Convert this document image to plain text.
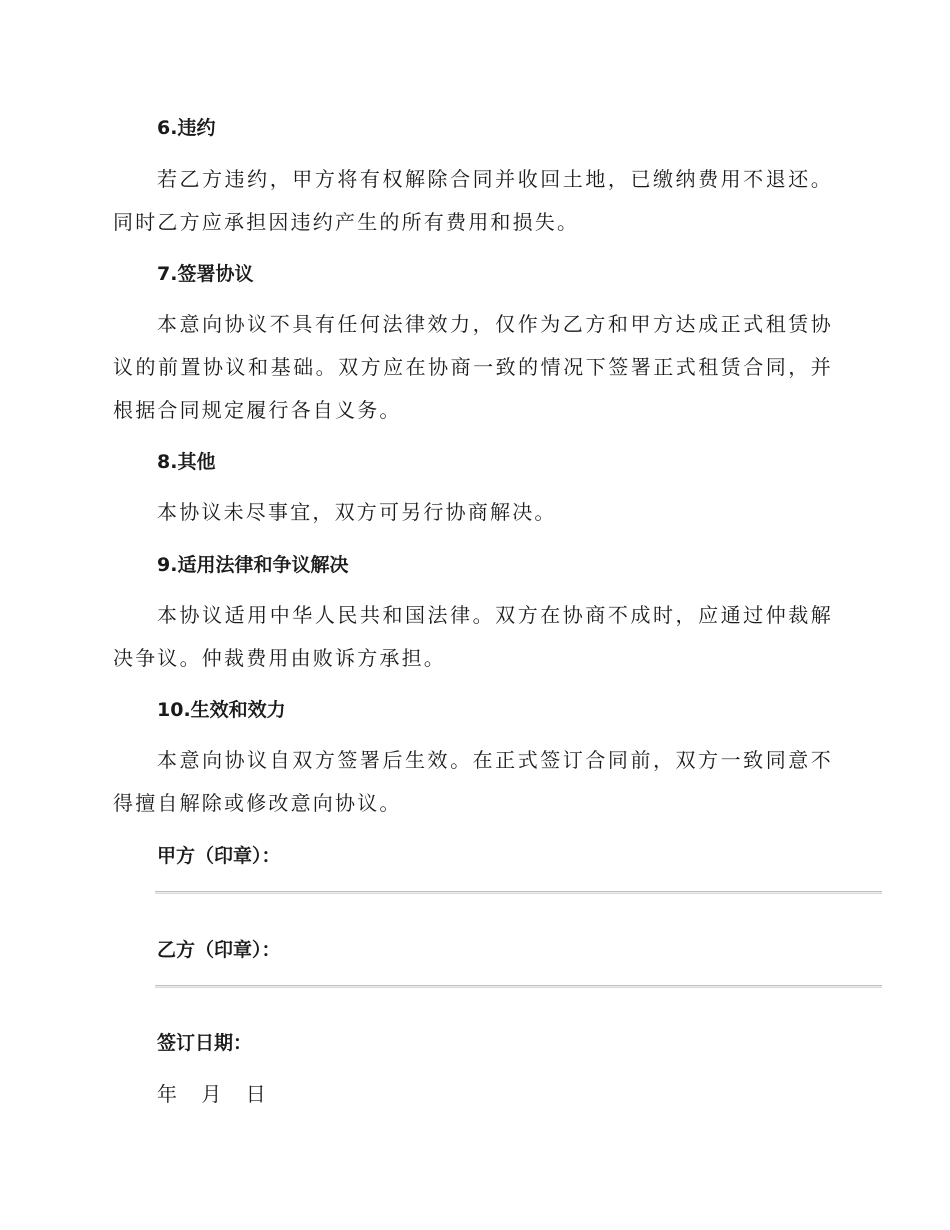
6.违约

若乙方违约，甲方将有权解除合同并收回土地，已缴纳费用不退还。同时乙方应承担因违约产生的所有费用和损失。

7.签署协议

本意向协议不具有任何法律效力，仅作为乙方和甲方达成正式租赁协议的前置协议和基础。双方应在协商一致的情况下签署正式租赁合同，并根据合同规定履行各自义务。

8.其他

本协议未尽事宜，双方可另行协商解决。

9.适用法律和争议解决

本协议适用中华人民共和国法律。双方在协商不成时，应通过仲裁解决争议。仲裁费用由败诉方承担。

10.生效和效力

本意向协议自双方签署后生效。在正式签订合同前，双方一致同意不得擅自解除或修改意向协议。

甲方（印章）：

乙方（印章）：

签订日期：

年 月 日
